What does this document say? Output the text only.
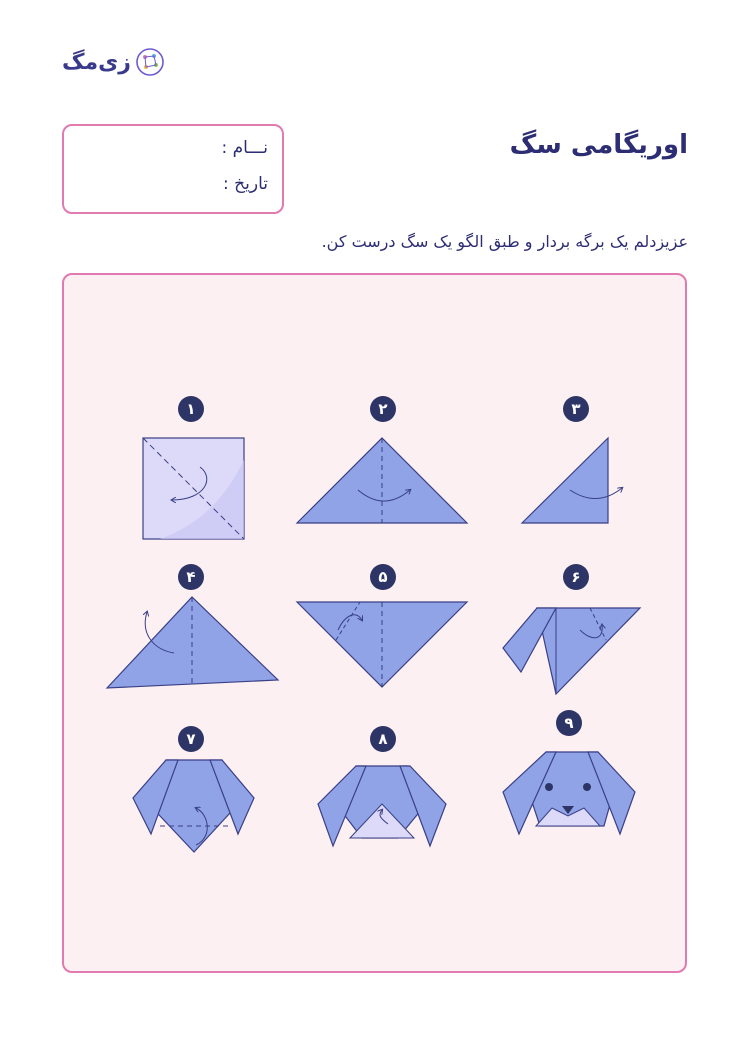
زی‌مگ
اوریگامی سگ
نـــام :
تاریخ :
عزیزدلم یک برگه بردار و طبق الگو یک سگ درست کن.
۱	۲	۳
۴	۵	۶
۷	۸
۹
